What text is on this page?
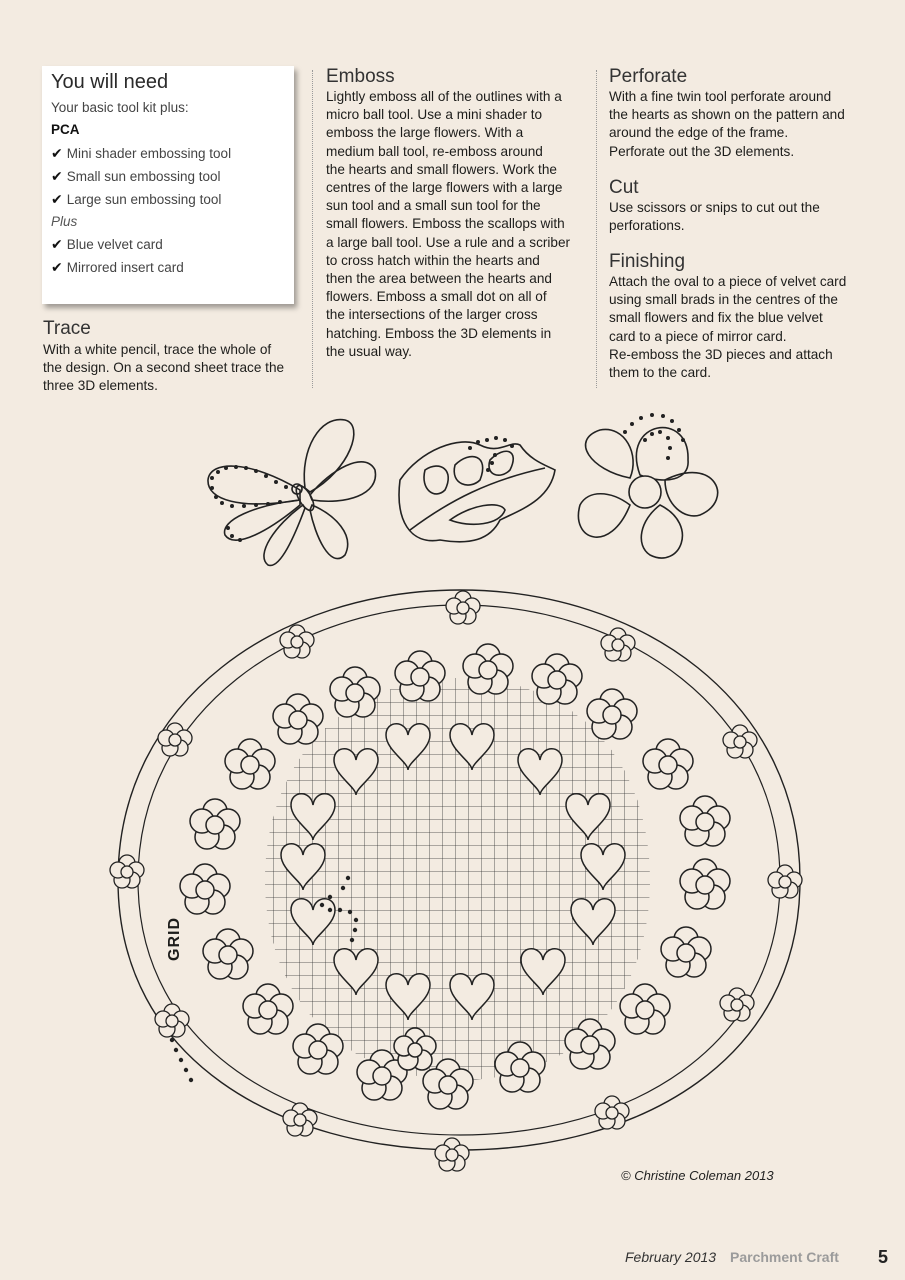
You will need
Your basic tool kit plus:
PCA
✔ Mini shader embossing tool
✔ Small sun embossing tool
✔ Large sun embossing tool
Plus
✔ Blue velvet card
✔ Mirrored insert card
Trace
With a white pencil, trace the whole of
the design. On a second sheet trace the
three 3D elements.
Emboss
Lightly emboss all of the outlines with a
micro ball tool. Use a mini shader to
emboss the large flowers. With a
medium ball tool, re-emboss around
the hearts and small flowers. Work the
centres of the large flowers with a large
sun tool and a small sun tool for the
small flowers. Emboss the scallops with
a large ball tool. Use a rule and a scriber
to cross hatch within the hearts and
then the area between the hearts and
flowers. Emboss a small dot on all of
the intersections of the larger cross
hatching. Emboss the 3D elements in
the usual way.
Perforate
With a fine twin tool perforate around
the hearts as shown on the pattern and
around the edge of the frame.
Perforate out the 3D elements.
Cut
Use scissors or snips to cut out the
perforations.
Finishing
Attach the oval to a piece of velvet card
using small brads in the centres of the
small flowers and fix the blue velvet
card to a piece of mirror card.
Re-emboss the 3D pieces and attach
them to the card.
GRID
© Christine Coleman 2013
February 2013 Parchment Craft 5
